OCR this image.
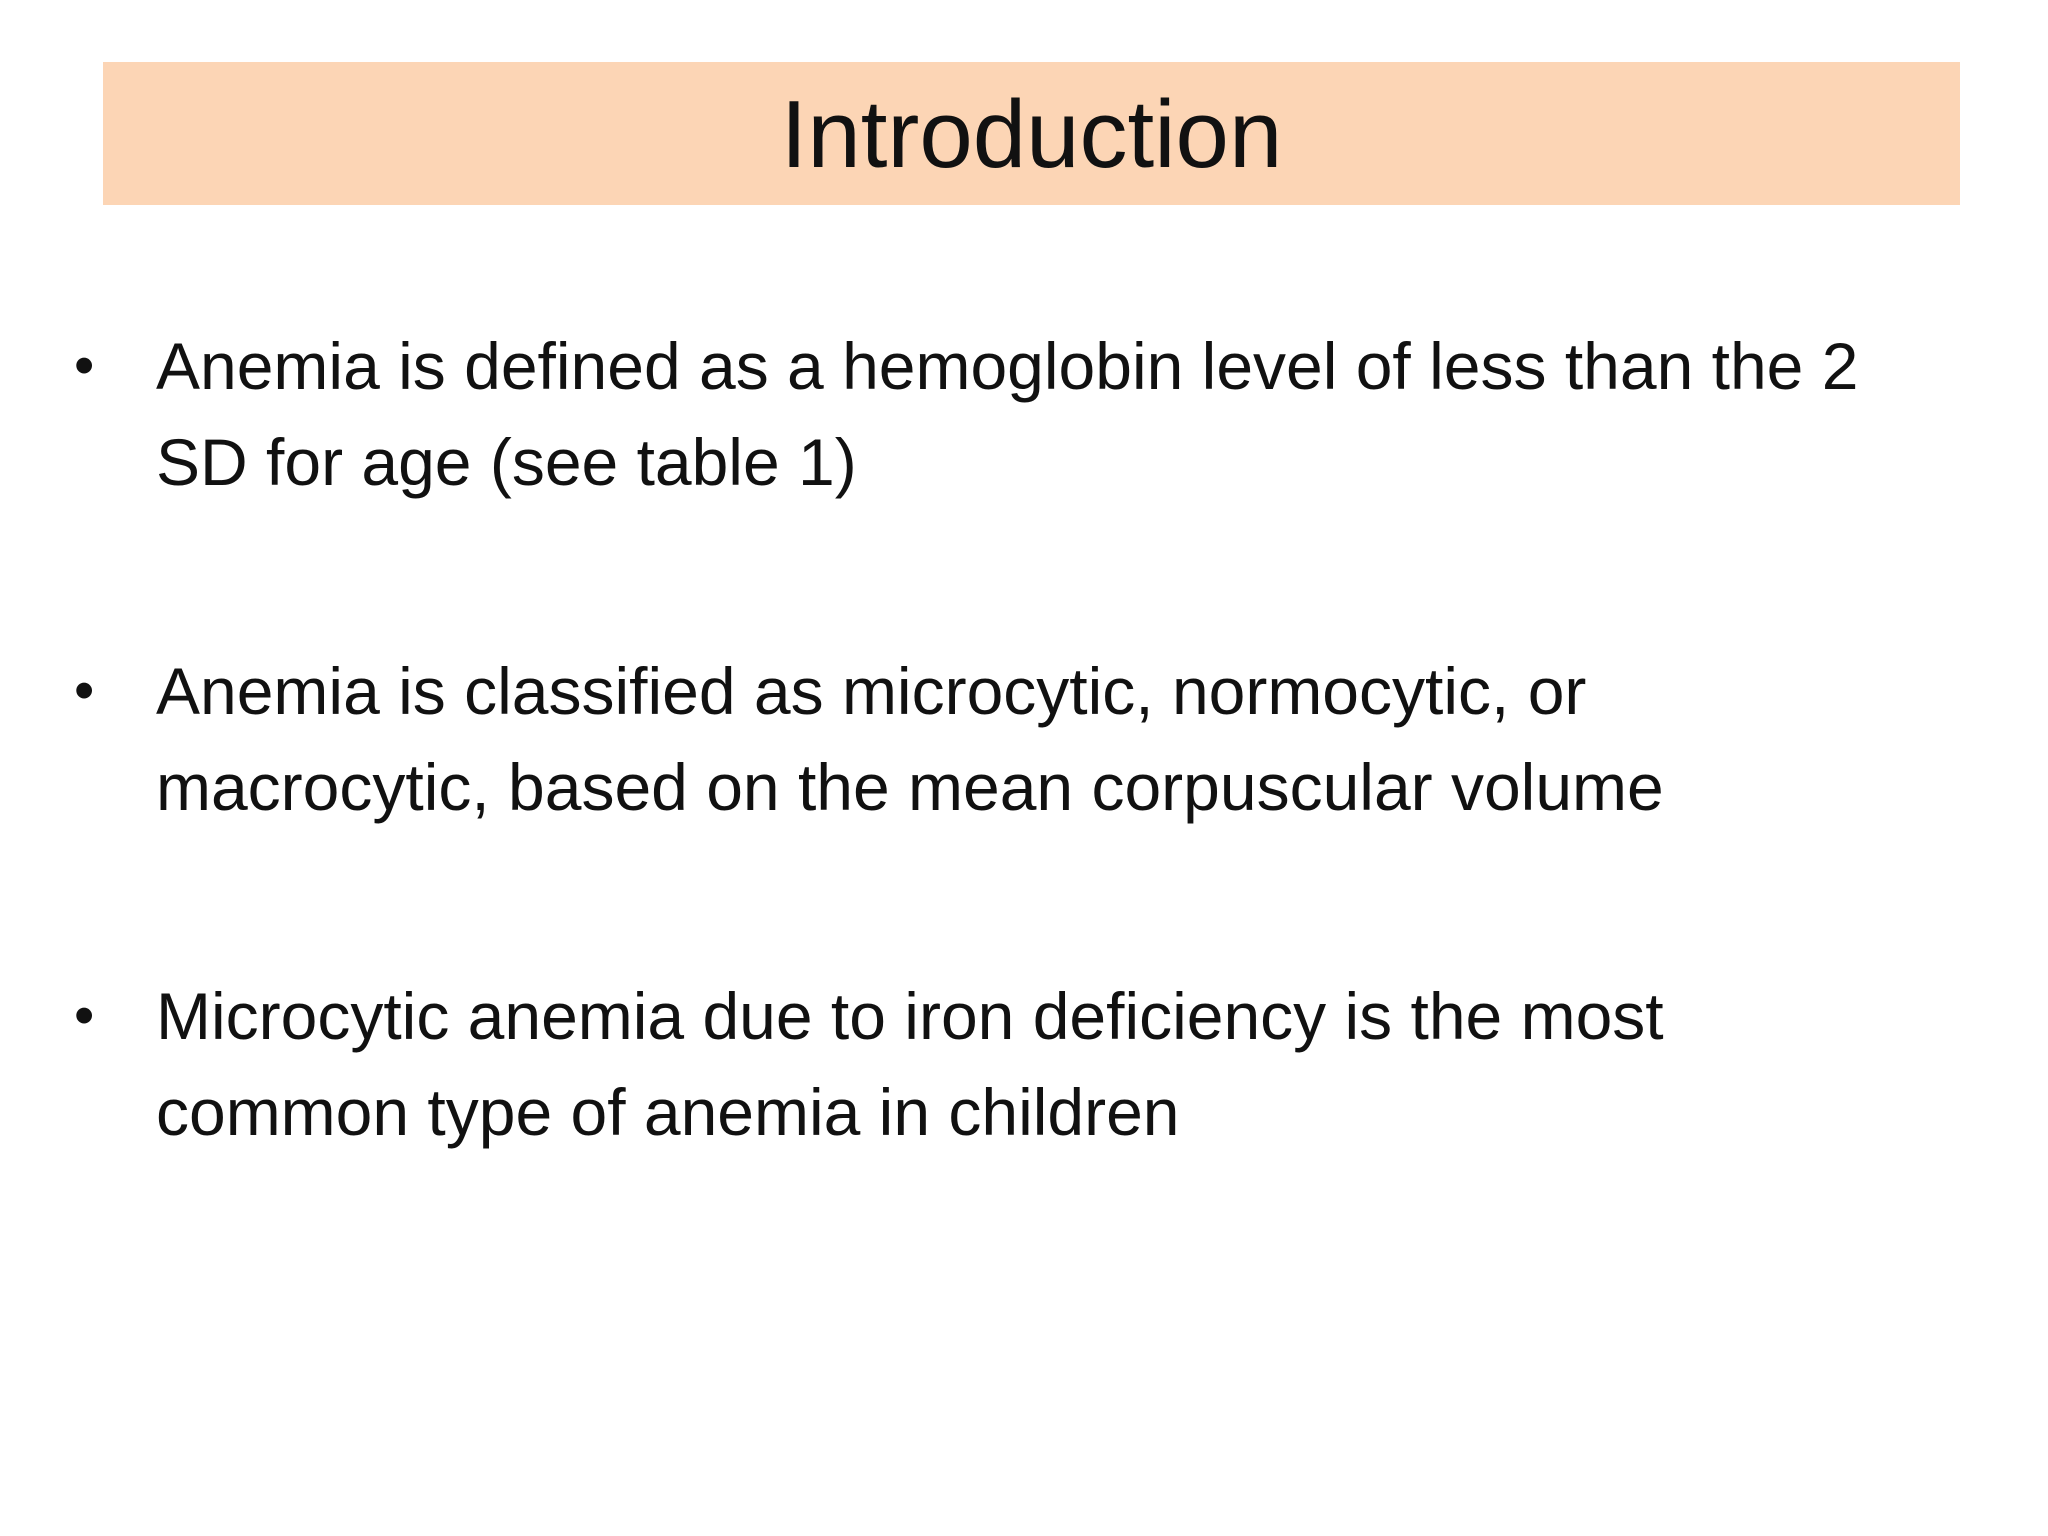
Introduction
• Anemia is defined as a hemoglobin level of less than the 2 SD for age (see table 1)
• Anemia is classified as microcytic, normocytic, or macrocytic, based on the mean corpuscular volume
• Microcytic anemia due to iron deficiency is the most common type of anemia in children
